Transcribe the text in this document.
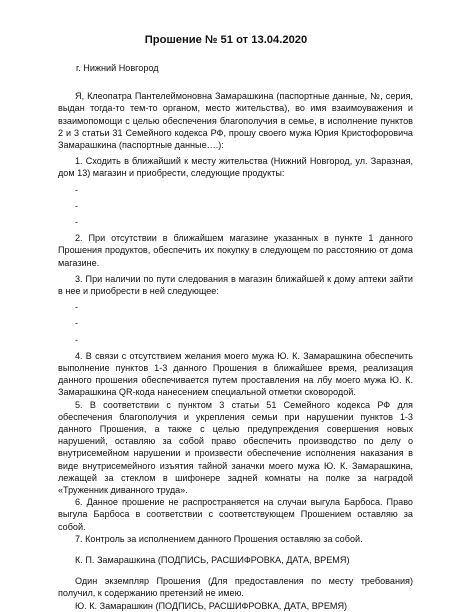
Прошение № 51 от 13.04.2020

г. Нижний Новгород

Я, Клеопатра Пантелеймоновна Замарашкина (паспортные данные, №, серия, выдан тогда-то тем-то органом, место жительства), во имя взаимоуважения и взаимопомощи с целью обеспечения благополучия в семье, в исполнение пунктов 2 и 3 статьи 31 Семейного кодекса РФ, прошу своего мужа Юрия Кристофоровича Замарашкина (паспортные данные….):

1. Сходить в ближайший к месту жительства (Нижний Новгород, ул. Заразная, дом 13) магазин и приобрести, следующие продукты:

-

-

-

2. При отсутствии в ближайшем магазине указанных в пункте 1 данного Прошения продуктов, обеспечить их покупку в следующем по расстоянию от дома магазине.

3. При наличии по пути следования в магазин ближайшей к дому аптеки зайти в нее и приобрести в ней следующее:

-

-

-

4. В связи с отсутствием желания моего мужа Ю. К. Замарашкина обеспечить выполнение пунктов 1-3 данного Прошения в ближайшее время, реализация данного прошения обеспечивается путем проставления на лбу моего мужа Ю. К. Замарашкина QR-кода нанесением специальной отметки сковородой.

5. В соответствии с пунктом 3 статьи 51 Семейного кодекса РФ для обеспечения благополучия и укрепления семьи при нарушении пунктов 1-3 данного Прошения, а также с целью предупреждения совершения новых нарушений, оставляю за собой право обеспечить производство по делу о внутрисемейном нарушении и произвести обеспечение исполнения наказания в виде внутрисемейного изъятия тайной заначки моего мужа Ю. К. Замарашкина, лежащей за стеклом в шифонере задней комнаты на полке за наградой «Труженник диванного труда».

6. Данное прошение не распространяется на случаи выгула Барбоса. Право выгула Барбоса в соответствии с соответствующем Прошением оставляю за собой.

7. Контроль за исполнением данного Прошения оставляю за собой.

К. П. Замарашкина (ПОДПИСЬ, РАСШИФРОВКА, ДАТА, ВРЕМЯ)

Один экземпляр Прошения (Для предоставления по месту требования) получил, к содержанию претензий не имею.

Ю. К. Замарашкин (ПОДПИСЬ, РАСШИФРОВКА, ДАТА, ВРЕМЯ)
